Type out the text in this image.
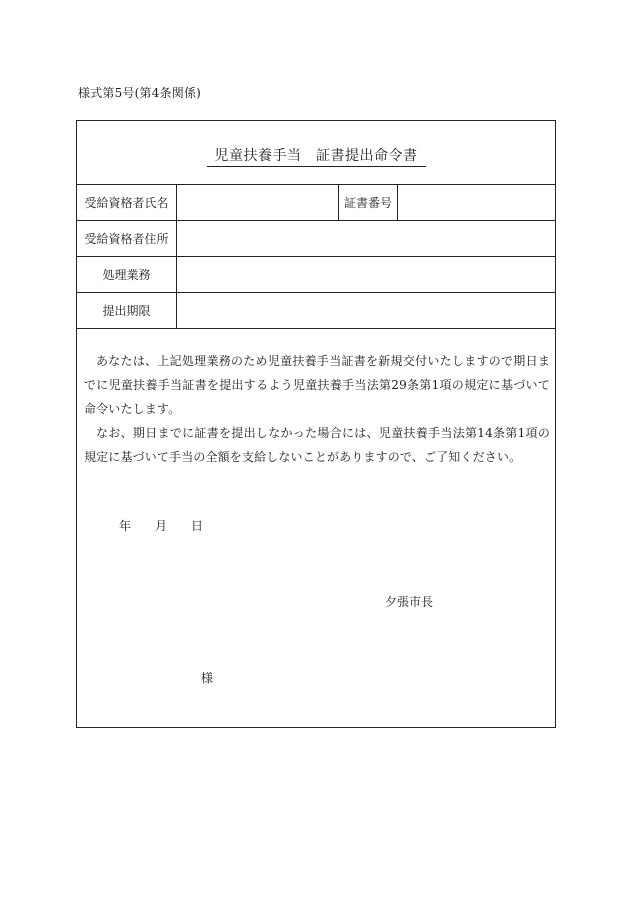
様式第5号(第4条関係)
児童扶養手当　証書提出命令書
受給資格者氏名	証書番号
受給資格者住所
処理業務
提出期限

あなたは、上記処理業務のため児童扶養手当証書を新規交付いたしますので期日までに児童扶養手当証書を提出するよう児童扶養手当法第29条第1項の規定に基づいて命令いたします。

なお、期日までに証書を提出しなかった場合には、児童扶養手当法第14条第1項の規定に基づいて手当の全額を支給しないことがありますので、ご了知ください。

年	月	日
夕張市長
様
